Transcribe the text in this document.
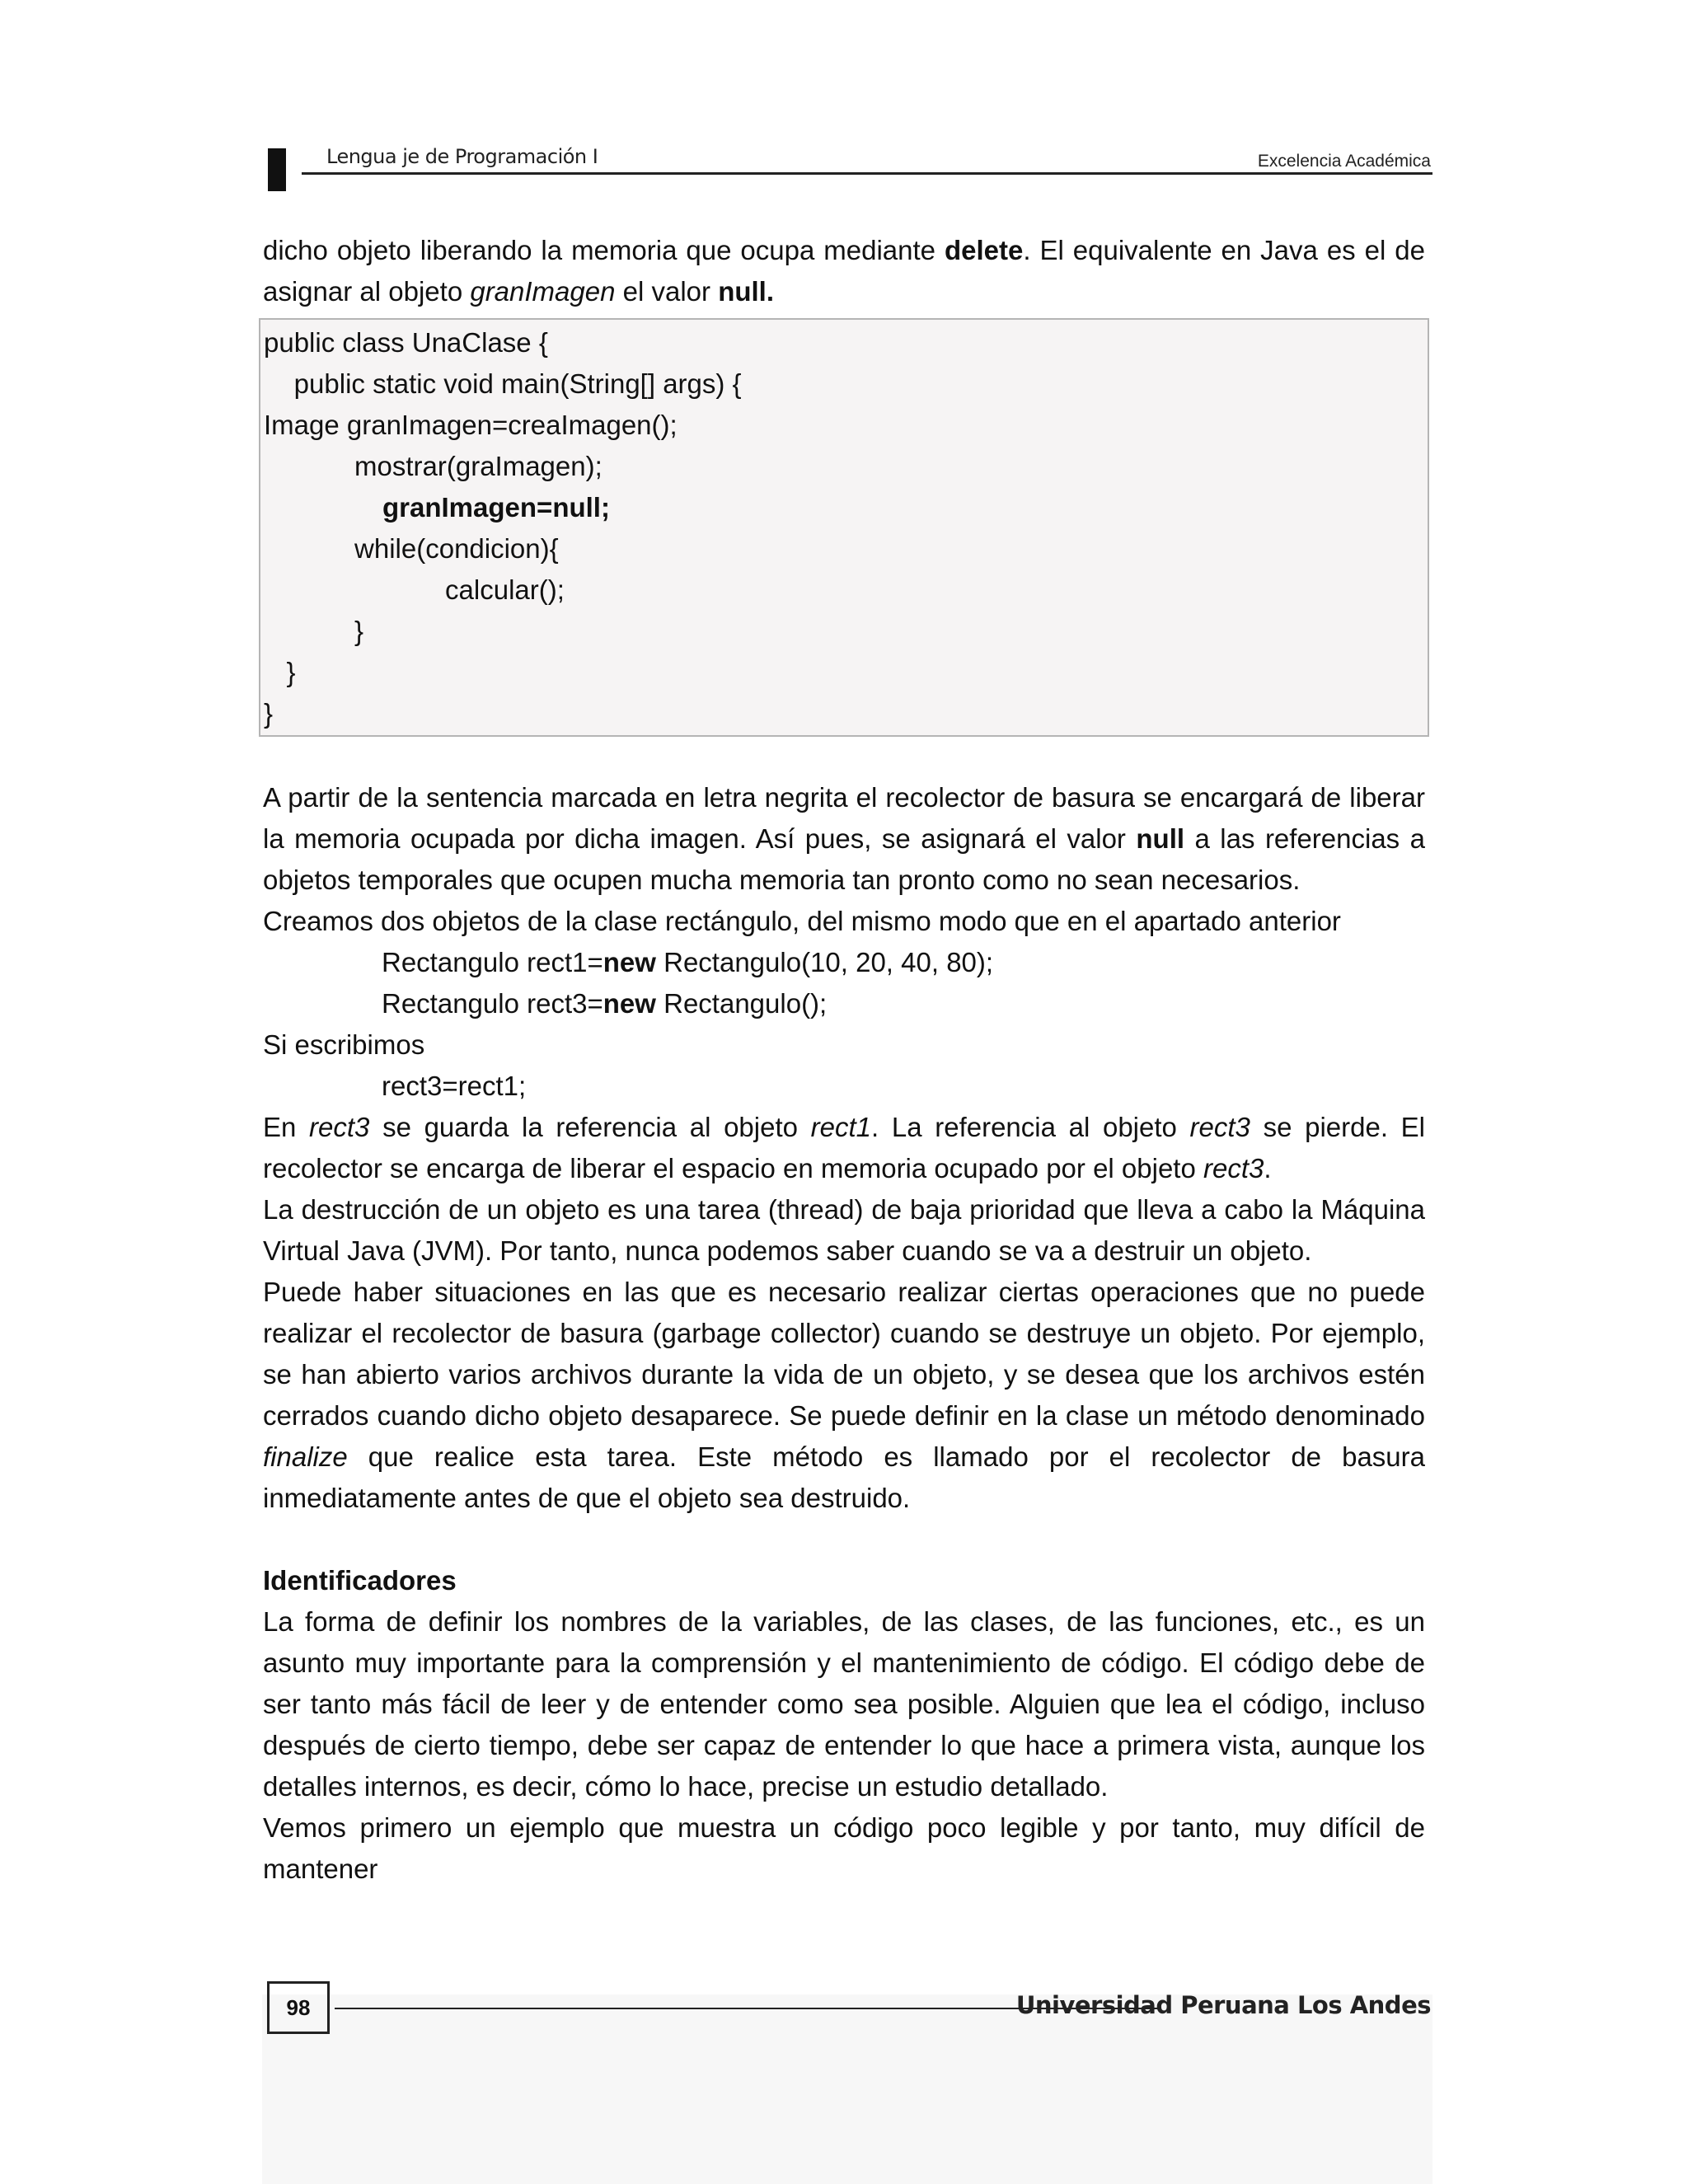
Lengua je de Programación I	Excelencia Académica

dicho objeto liberando la memoria que ocupa mediante delete. El equivalente en Java es el de asignar al objeto granImagen el valor null.

public class UnaClase {
public static void main(String[] args) {
Image granImagen=creaImagen();
mostrar(graImagen);
granImagen=null;
while(condicion){
calcular();
}
}
}

A partir de la sentencia marcada en letra negrita el recolector de basura se encargará de liberar la memoria ocupada por dicha imagen. Así pues, se asignará el valor null a las referencias a objetos temporales que ocupen mucha memoria tan pronto como no sean necesarios.

Creamos dos objetos de la clase rectángulo, del mismo modo que en el apartado anterior

Rectangulo rect1=new Rectangulo(10, 20, 40, 80);

Rectangulo rect3=new Rectangulo();

Si escribimos

rect3=rect1;

En rect3 se guarda la referencia al objeto rect1. La referencia al objeto rect3 se pierde. El recolector se encarga de liberar el espacio en memoria ocupado por el objeto rect3.

La destrucción de un objeto es una tarea (thread) de baja prioridad que lleva a cabo la Máquina Virtual Java (JVM). Por tanto, nunca podemos saber cuando se va a destruir un objeto.

Puede haber situaciones en las que es necesario realizar ciertas operaciones que no puede realizar el recolector de basura (garbage collector) cuando se destruye un objeto. Por ejemplo, se han abierto varios archivos durante la vida de un objeto, y se desea que los archivos estén cerrados cuando dicho objeto desaparece. Se puede definir en la clase un método denominado finalize que realice esta tarea. Este método es llamado por el recolector de basura inmediatamente antes de que el objeto sea destruido.

Identificadores

La forma de definir los nombres de la variables, de las clases, de las funciones, etc., es un asunto muy importante para la comprensión y el mantenimiento de código. El código debe de ser tanto más fácil de leer y de entender como sea posible. Alguien que lea el código, incluso después de cierto tiempo, debe ser capaz de entender lo que hace a primera vista, aunque los detalles internos, es decir, cómo lo hace, precise un estudio detallado.

Vemos primero un ejemplo que muestra un código poco legible y por tanto, muy difícil de mantener

98	Universidad Peruana Los Andes
